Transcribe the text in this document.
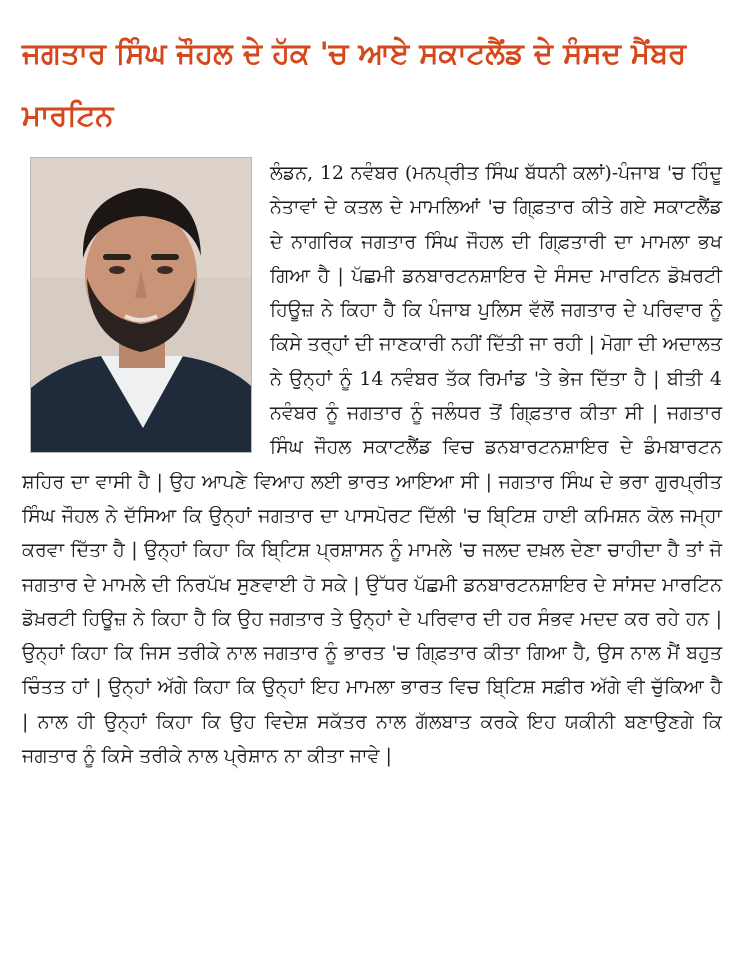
ਜਗਤਾਰ ਸਿੰਘ ਜੌਹਲ ਦੇ ਹੱਕ 'ਚ ਆਏ ਸਕਾਟਲੈਂਡ ਦੇ ਸੰਸਦ ਮੈਂਬਰ ਮਾਰਟਿਨ

ਲੰਡਨ, 12 ਨਵੰਬਰ (ਮਨਪ੍ਰੀਤ ਸਿੰਘ ਬੱਧਨੀ ਕਲਾਂ)-ਪੰਜਾਬ 'ਚ ਹਿੰਦੂ ਨੇਤਾਵਾਂ ਦੇ ਕਤਲ ਦੇ ਮਾਮਲਿਆਂ 'ਚ ਗਿ੍ਫ਼ਤਾਰ ਕੀਤੇ ਗਏ ਸਕਾਟਲੈਂਡ ਦੇ ਨਾਗਰਿਕ ਜਗਤਾਰ ਸਿੰਘ ਜੌਹਲ ਦੀ ਗਿ੍ਫ਼ਤਾਰੀ ਦਾ ਮਾਮਲਾ ਭਖ ਗਿਆ ਹੈ | ਪੱਛਮੀ ਡਨਬਾਰਟਨਸ਼ਾਇਰ ਦੇ ਸੰਸਦ ਮਾਰਟਿਨ ਡੋਖ਼ਰਟੀ ਹਿਊਜ਼ ਨੇ ਕਿਹਾ ਹੈ ਕਿ ਪੰਜਾਬ ਪੁਲਿਸ ਵੱਲੋਂ ਜਗਤਾਰ ਦੇ ਪਰਿਵਾਰ ਨੂੰ ਕਿਸੇ ਤਰ੍ਹਾਂ ਦੀ ਜਾਣਕਾਰੀ ਨਹੀਂ ਦਿੱਤੀ ਜਾ ਰਹੀ | ਮੋਗਾ ਦੀ ਅਦਾਲਤ ਨੇ ਉਨ੍ਹਾਂ ਨੂੰ 14 ਨਵੰਬਰ ਤੱਕ ਰਿਮਾਂਡ 'ਤੇ ਭੇਜ ਦਿੱਤਾ ਹੈ | ਬੀਤੀ 4 ਨਵੰਬਰ ਨੂੰ ਜਗਤਾਰ ਨੂੰ ਜਲੰਧਰ ਤੋਂ ਗਿ੍ਫ਼ਤਾਰ ਕੀਤਾ ਸੀ | ਜਗਤਾਰ ਸਿੰਘ ਜੌਹਲ ਸਕਾਟਲੈਂਡ ਵਿਚ ਡਨਬਾਰਟਨਸ਼ਾਇਰ ਦੇ ਡੰਮਬਾਰਟਨ ਸ਼ਹਿਰ ਦਾ ਵਾਸੀ ਹੈ | ਉਹ ਆਪਣੇ ਵਿਆਹ ਲਈ ਭਾਰਤ ਆਇਆ ਸੀ | ਜਗਤਾਰ ਸਿੰਘ ਦੇ ਭਰਾ ਗੁਰਪ੍ਰੀਤ ਸਿੰਘ ਜੌਹਲ ਨੇ ਦੱਸਿਆ ਕਿ ਉਨ੍ਹਾਂ ਜਗਤਾਰ ਦਾ ਪਾਸਪੋਰਟ ਦਿੱਲੀ 'ਚ ਬਿ੍ਟਿਸ਼ ਹਾਈ ਕਮਿਸ਼ਨ ਕੋਲ ਜਮ੍ਹਾ ਕਰਵਾ ਦਿੱਤਾ ਹੈ | ਉਨ੍ਹਾਂ ਕਿਹਾ ਕਿ ਬਿ੍ਟਿਸ਼ ਪ੍ਰਸ਼ਾਸਨ ਨੂੰ ਮਾਮਲੇ 'ਚ ਜਲਦ ਦਖ਼ਲ ਦੇਣਾ ਚਾਹੀਦਾ ਹੈ ਤਾਂ ਜੋ ਜਗਤਾਰ ਦੇ ਮਾਮਲੇ ਦੀ ਨਿਰਪੱਖ ਸੁਣਵਾਈ ਹੋ ਸਕੇ | ਉੱਧਰ ਪੱਛਮੀ ਡਨਬਾਰਟਨਸ਼ਾਇਰ ਦੇ ਸਾਂਸਦ ਮਾਰਟਿਨ ਡੋਖ਼ਰਟੀ ਹਿਊਜ਼ ਨੇ ਕਿਹਾ ਹੈ ਕਿ ਉਹ ਜਗਤਾਰ ਤੇ ਉਨ੍ਹਾਂ ਦੇ ਪਰਿਵਾਰ ਦੀ ਹਰ ਸੰਭਵ ਮਦਦ ਕਰ ਰਹੇ ਹਨ | ਉਨ੍ਹਾਂ ਕਿਹਾ ਕਿ ਜਿਸ ਤਰੀਕੇ ਨਾਲ ਜਗਤਾਰ ਨੂੰ ਭਾਰਤ 'ਚ ਗਿ੍ਫ਼ਤਾਰ ਕੀਤਾ ਗਿਆ ਹੈ, ਉਸ ਨਾਲ ਮੈਂ ਬਹੁਤ ਚਿੰਤਤ ਹਾਂ | ਉਨ੍ਹਾਂ ਅੱਗੇ ਕਿਹਾ ਕਿ ਉਨ੍ਹਾਂ ਇਹ ਮਾਮਲਾ ਭਾਰਤ ਵਿਚ ਬਿ੍ਟਿਸ਼ ਸਫ਼ੀਰ ਅੱਗੇ ਵੀ ਚੁੱਕਿਆ ਹੈ | ਨਾਲ ਹੀ ਉਨ੍ਹਾਂ ਕਿਹਾ ਕਿ ਉਹ ਵਿਦੇਸ਼ ਸਕੱਤਰ ਨਾਲ ਗੱਲਬਾਤ ਕਰਕੇ ਇਹ ਯਕੀਨੀ ਬਣਾਉਣਗੇ ਕਿ ਜਗਤਾਰ ਨੂੰ ਕਿਸੇ ਤਰੀਕੇ ਨਾਲ ਪ੍ਰੇਸ਼ਾਨ ਨਾ ਕੀਤਾ ਜਾਵੇ |
